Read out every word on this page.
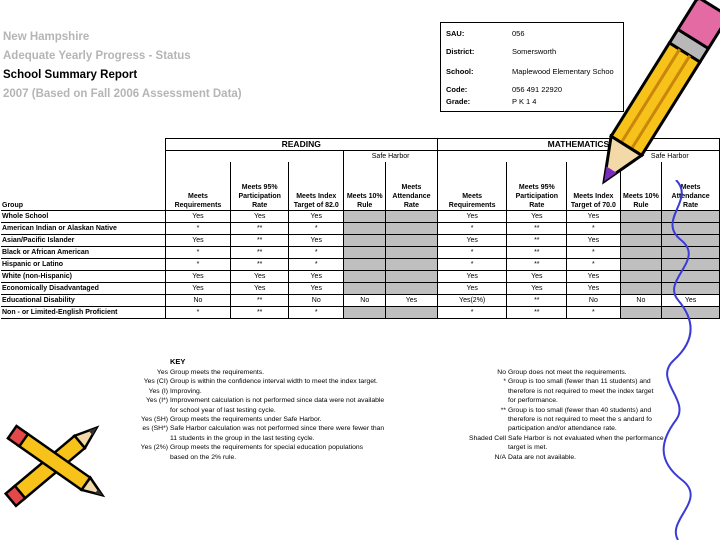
New Hampshire
Adequate Yearly Progress - Status
School Summary Report
2007 (Based on Fall 2006 Assessment Data)
SAU:	056
District:	Somersworth
School:	Maplewood Elementary Schoo
Code:	056 491 22920
Grade:	P K 1 4
	READING					MATHEMATICS				
				Safe Harbor					Safe Harbor	
Group	Meets Requirements	Meets 95% Participation Rate	Meets Index Target of 82.0	Meets 10% Rule	Meets Attendance Rate	Meets Requirements	Meets 95% Participation Rate	Meets Index Target of 70.0	Meets 10% Rule	Meets Attendance Rate
Whole School	Yes	Yes	Yes			Yes	Yes	Yes		
American Indian or Alaskan Native	*	**	*			*	**	*		
Asian/Pacific Islander	Yes	**	Yes			Yes	**	Yes		
Black or African American	*	**	*			*	**	*		
Hispanic or Latino	*	**	*			*	**	*		
White (non-Hispanic)	Yes	Yes	Yes			Yes	Yes	Yes		
Economically Disadvantaged	Yes	Yes	Yes			Yes	Yes	Yes		
Educational Disability	No	**	No	No	Yes	Yes(2%)	**	No	No	Yes
Non - or Limited-English Proficient	*	**	*			*	**	*		
KEY
Yes Group meets the requirements.
Yes (CI) Group is within the confidence interval width to meet the index target.
Yes (I) Improving.
Yes (I*) Improvement calculation is not performed since data were not available
for school year of last testing cycle.
Yes (SH) Group meets the requirements under Safe Harbor.
es (SH*) Safe Harbor calculation was not performed since there were fewer than
11 students in the group in the last testing cycle.
Yes (2%) Group meets the requirements for special education populations
based on the 2% rule.
No Group does not meet the requirements.
* Group is too small (fewer than 11 students) and
therefore is not required to meet the index target
for performance.
** Group is too small (fewer than 40 students) and
therefore is not required to meet the s andard fo
participation and/or attendance rate.
Shaded Cell Safe Harbor is not evaluated when the performance
target is met.
N/A Data are not available.
